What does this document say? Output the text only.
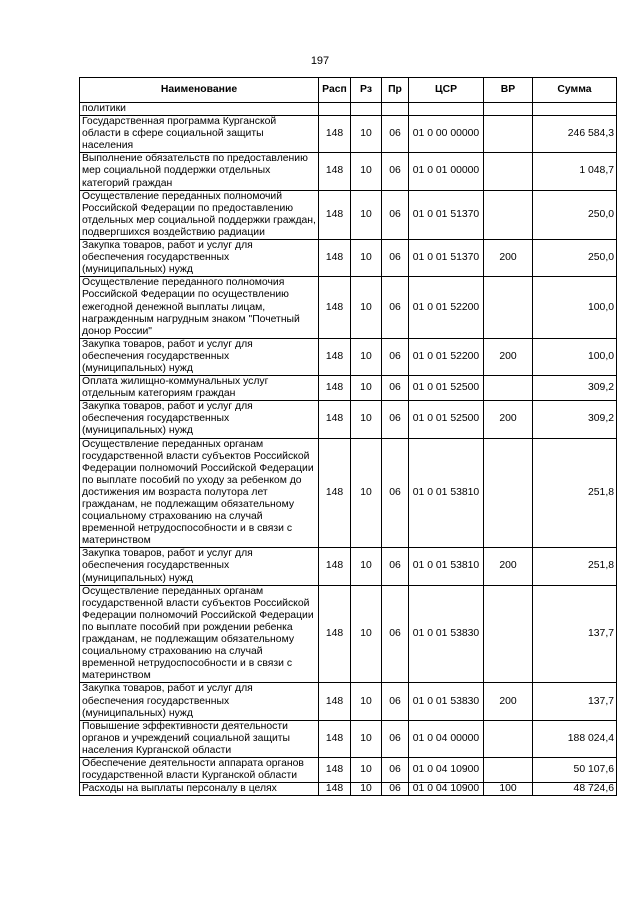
197
Наименование	Расп	Рз	Пр	ЦСР	ВР	Сумма
политики						
Государственная программа Курганской области в сфере социальной защиты населения	148	10	06	01 0 00 00000		246 584,3
Выполнение обязательств по предоставлению мер социальной поддержки отдельных категорий граждан	148	10	06	01 0 01 00000		1 048,7
Осуществление переданных полномочий Российской Федерации по предоставлению отдельных мер социальной поддержки граждан, подвергшихся воздействию радиации	148	10	06	01 0 01 51370		250,0
Закупка товаров, работ и услуг для обеспечения государственных (муниципальных) нужд	148	10	06	01 0 01 51370	200	250,0
Осуществление переданного полномочия Российской Федерации по осуществлению ежегодной денежной выплаты лицам, награжденным нагрудным знаком "Почетный донор России"	148	10	06	01 0 01 52200		100,0
Закупка товаров, работ и услуг для обеспечения государственных (муниципальных) нужд	148	10	06	01 0 01 52200	200	100,0
Оплата жилищно-коммунальных услуг отдельным категориям граждан	148	10	06	01 0 01 52500		309,2
Закупка товаров, работ и услуг для обеспечения государственных (муниципальных) нужд	148	10	06	01 0 01 52500	200	309,2
Осуществление переданных органам государственной власти субъектов Российской Федерации полномочий Российской Федерации по выплате пособий по уходу за ребенком до достижения им возраста полутора лет гражданам, не подлежащим обязательному социальному страхованию на случай временной нетрудоспособности и в связи с материнством	148	10	06	01 0 01 53810		251,8
Закупка товаров, работ и услуг для обеспечения государственных (муниципальных) нужд	148	10	06	01 0 01 53810	200	251,8
Осуществление переданных органам государственной власти субъектов Российской Федерации полномочий Российской Федерации по выплате пособий при рождении ребенка гражданам, не подлежащим обязательному социальному страхованию на случай временной нетрудоспособности и в связи с материнством	148	10	06	01 0 01 53830		137,7
Закупка товаров, работ и услуг для обеспечения государственных (муниципальных) нужд	148	10	06	01 0 01 53830	200	137,7
Повышение эффективности деятельности органов и учреждений социальной защиты населения Курганской области	148	10	06	01 0 04 00000		188 024,4
Обеспечение деятельности аппарата органов государственной власти Курганской области	148	10	06	01 0 04 10900		50 107,6
Расходы на выплаты персоналу в целях	148	10	06	01 0 04 10900	100	48 724,6
